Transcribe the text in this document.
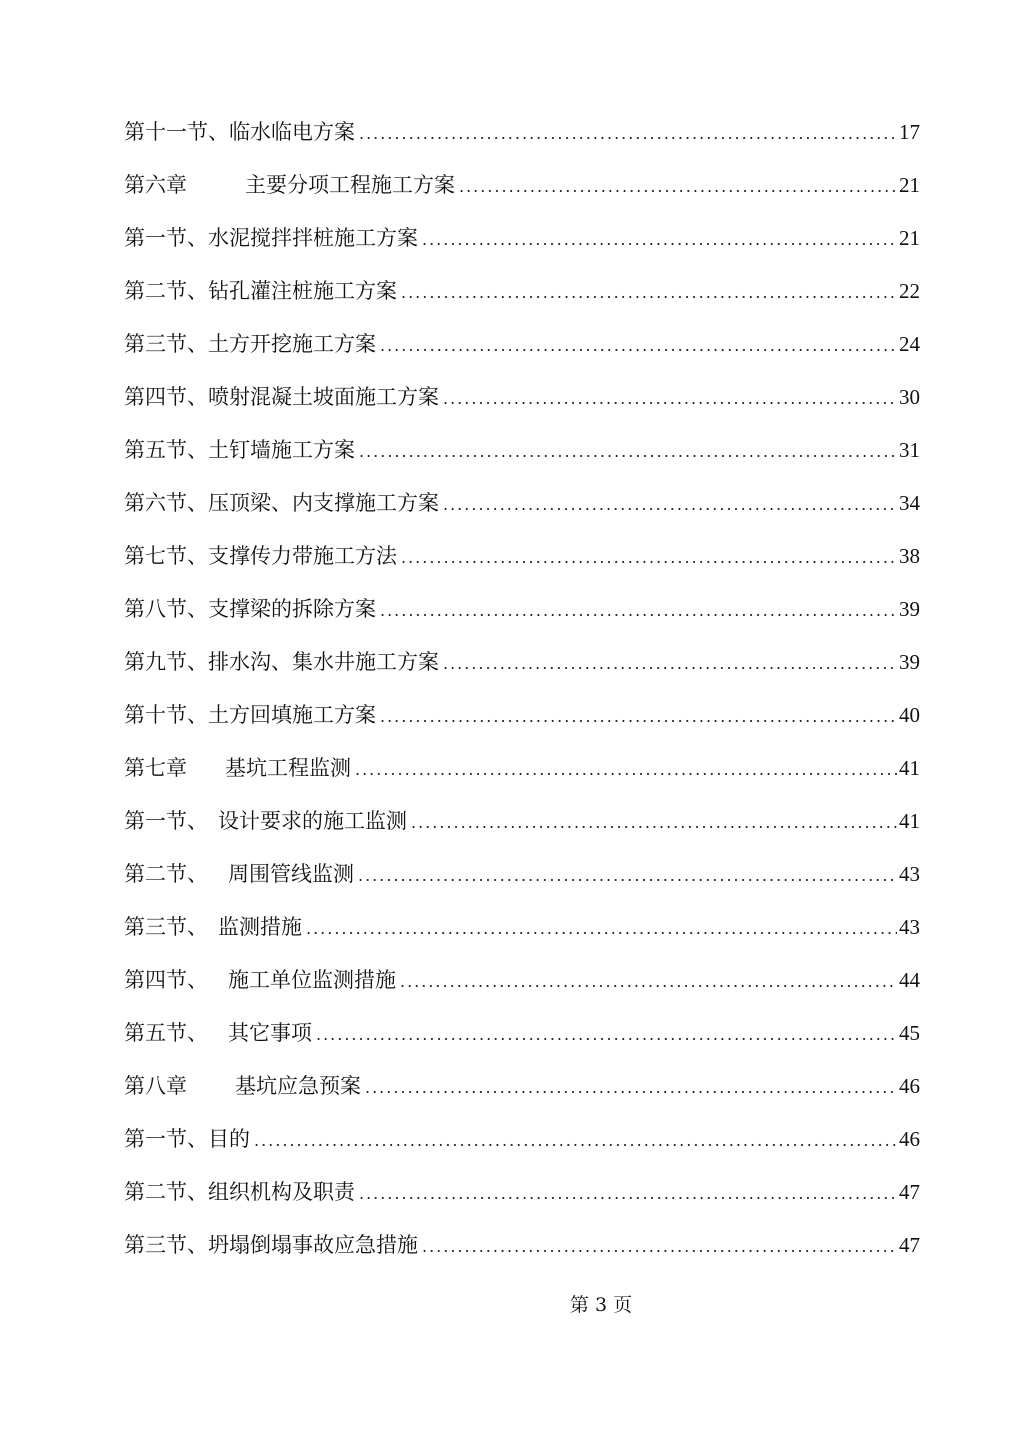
第十一节、 临水临电方案 .....	17
第六章	主要分项工程施工方案 .....	21
第一节、 水泥搅拌拌桩施工方案 .....	21
第二节、 钻孔灌注桩施工方案 .....	22
第三节、 土方开挖施工方案 .....	24
第四节、 喷射混凝土坡面施工方案 .....	30
第五节、 土钉墙施工方案 .....	31
第六节、 压顶梁、内支撑施工方案 .....	34
第七节、 支撑传力带施工方法 .....	38
第八节、 支撑梁的拆除方案 .....	39
第九节、 排水沟、集水井施工方案 .....	39
第十节、 土方回填施工方案 .....	40
第七章 基坑工程监测 .....	41
第一节、 设计要求的施工监测 .....	41
第二节、 周围管线监测 .....	43
第三节、 监测措施 .....	43
第四节、 施工单位监测措施 .....	44
第五节、 其它事项 .....	45
第八章 基坑应急预案 .....	46
第一节、 目的 .....	46
第二节、 组织机构及职责 .....	47
第三节、 坍塌倒塌事故应急措施 .....	47
第 3 页
